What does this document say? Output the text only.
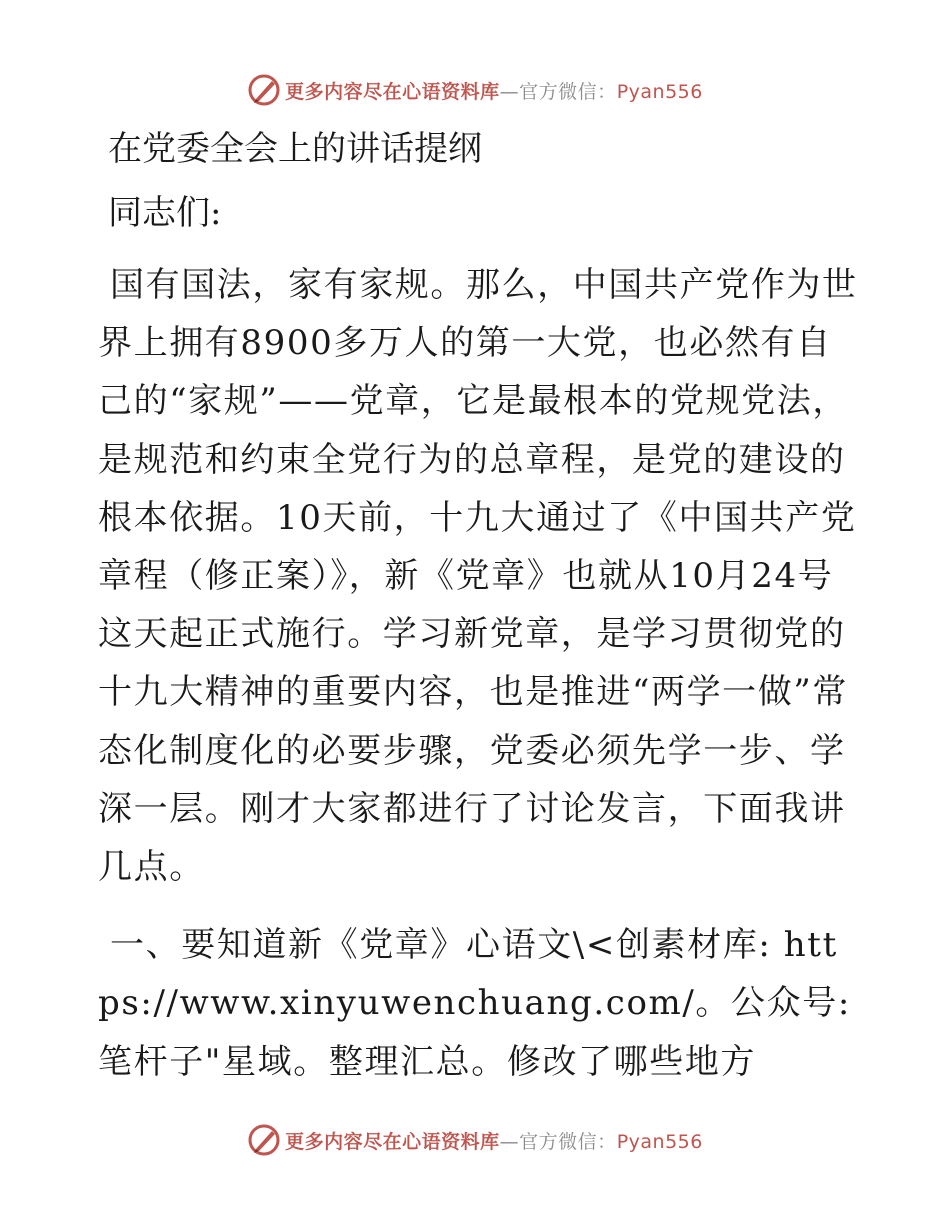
更多内容尽在心语资料库—官方微信：Pyan556
在党委全会上的讲话提纲
同志们:

国有国法，家有家规。那么，中国共产党作为世界上拥有8900多万人的第一大党，也必然有自己的“家规”——党章，它是最根本的党规党法，是规范和约束全党行为的总章程，是党的建设的根本依据。10天前，十九大通过了《中国共产党章程（修正案）》，新《党章》也就从10月24号这天起正式施行。学习新党章，是学习贯彻党的十九大精神的重要内容，也是推进“两学一做”常态化制度化的必要步骤，党委必须先学一步、学深一层。刚才大家都进行了讨论发言，下面我讲几点。

一、要知道新《党章》心语文\<创素材库: https://www.xinyuwenchuang.com/。公众号: 笔杆子"星域。整理汇总。修改了哪些地方

更多内容尽在心语资料库—官方微信：Pyan556
